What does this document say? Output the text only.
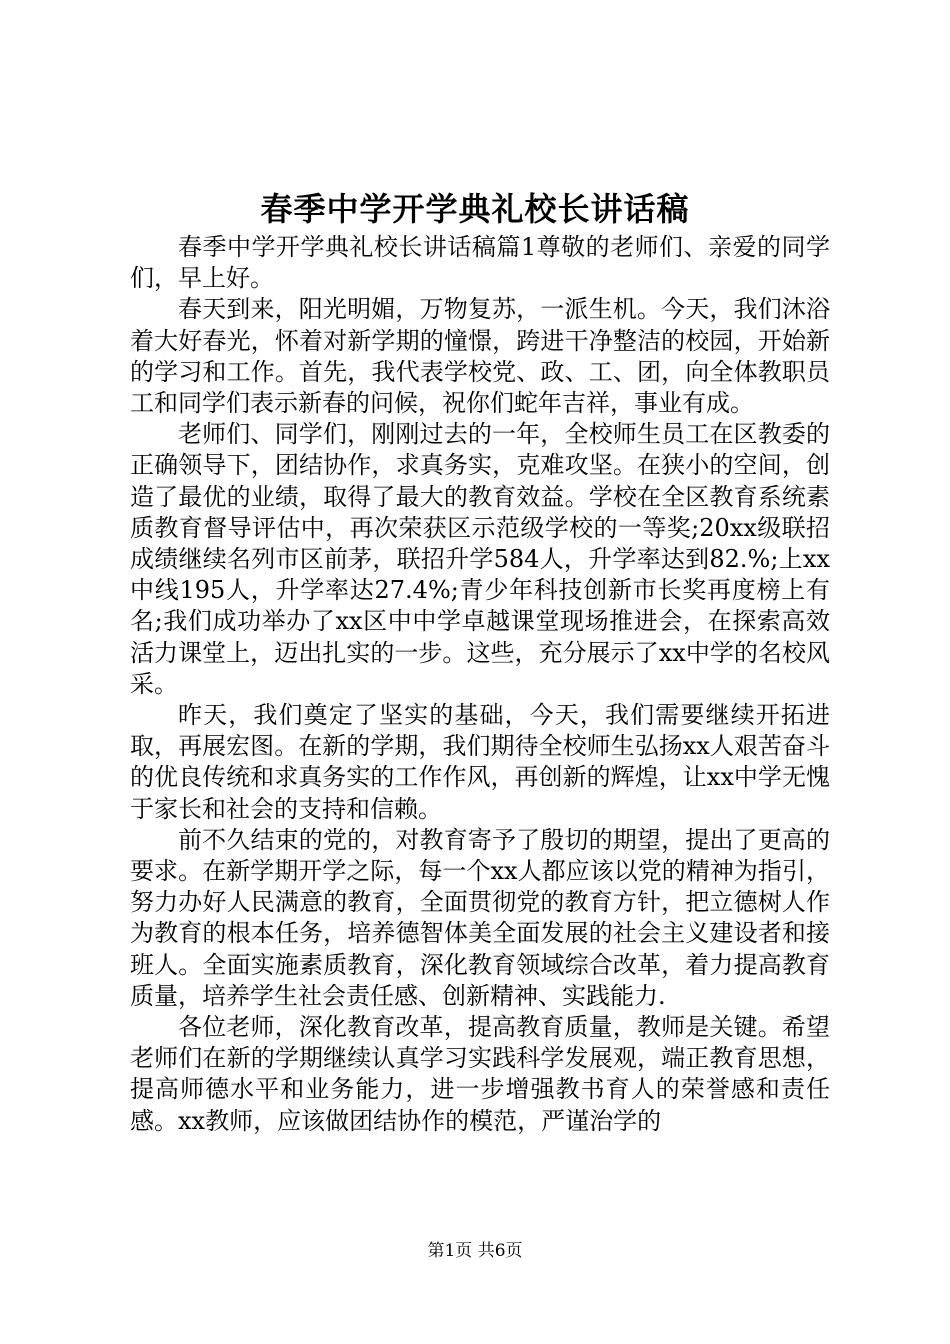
春季中学开学典礼校长讲话稿

春季中学开学典礼校长讲话稿篇1尊敬的老师们、亲爱的同学们，早上好。

春天到来，阳光明媚，万物复苏，一派生机。今天，我们沐浴着大好春光，怀着对新学期的憧憬，跨进干净整洁的校园，开始新的学习和工作。首先，我代表学校党、政、工、团，向全体教职员工和同学们表示新春的问候，祝你们蛇年吉祥，事业有成。

老师们、同学们，刚刚过去的一年，全校师生员工在区教委的正确领导下，团结协作，求真务实，克难攻坚。在狭小的空间，创造了最优的业绩，取得了最大的教育效益。学校在全区教育系统素质教育督导评估中，再次荣获区示范级学校的一等奖;20xx级联招成绩继续名列市区前茅，联招升学584人，升学率达到82.%;上xx中线195人，升学率达27.4%;青少年科技创新市长奖再度榜上有名;我们成功举办了xx区中中学卓越课堂现场推进会，在探索高效活力课堂上，迈出扎实的一步。这些，充分展示了xx中学的名校风采。

昨天，我们奠定了坚实的基础，今天，我们需要继续开拓进取，再展宏图。在新的学期，我们期待全校师生弘扬xx人艰苦奋斗的优良传统和求真务实的工作作风，再创新的辉煌，让xx中学无愧于家长和社会的支持和信赖。

前不久结束的党的，对教育寄予了殷切的期望，提出了更高的要求。在新学期开学之际，每一个xx人都应该以党的精神为指引，努力办好人民满意的教育，全面贯彻党的教育方针，把立德树人作为教育的根本任务，培养德智体美全面发展的社会主义建设者和接班人。全面实施素质教育，深化教育领域综合改革，着力提高教育质量，培养学生社会责任感、创新精神、实践能力.

各位老师，深化教育改革，提高教育质量，教师是关键。希望老师们在新的学期继续认真学习实践科学发展观，端正教育思想，提高师德水平和业务能力，进一步增强教书育人的荣誉感和责任感。xx教师，应该做团结协作的模范，严谨治学的

第1页 共6页
